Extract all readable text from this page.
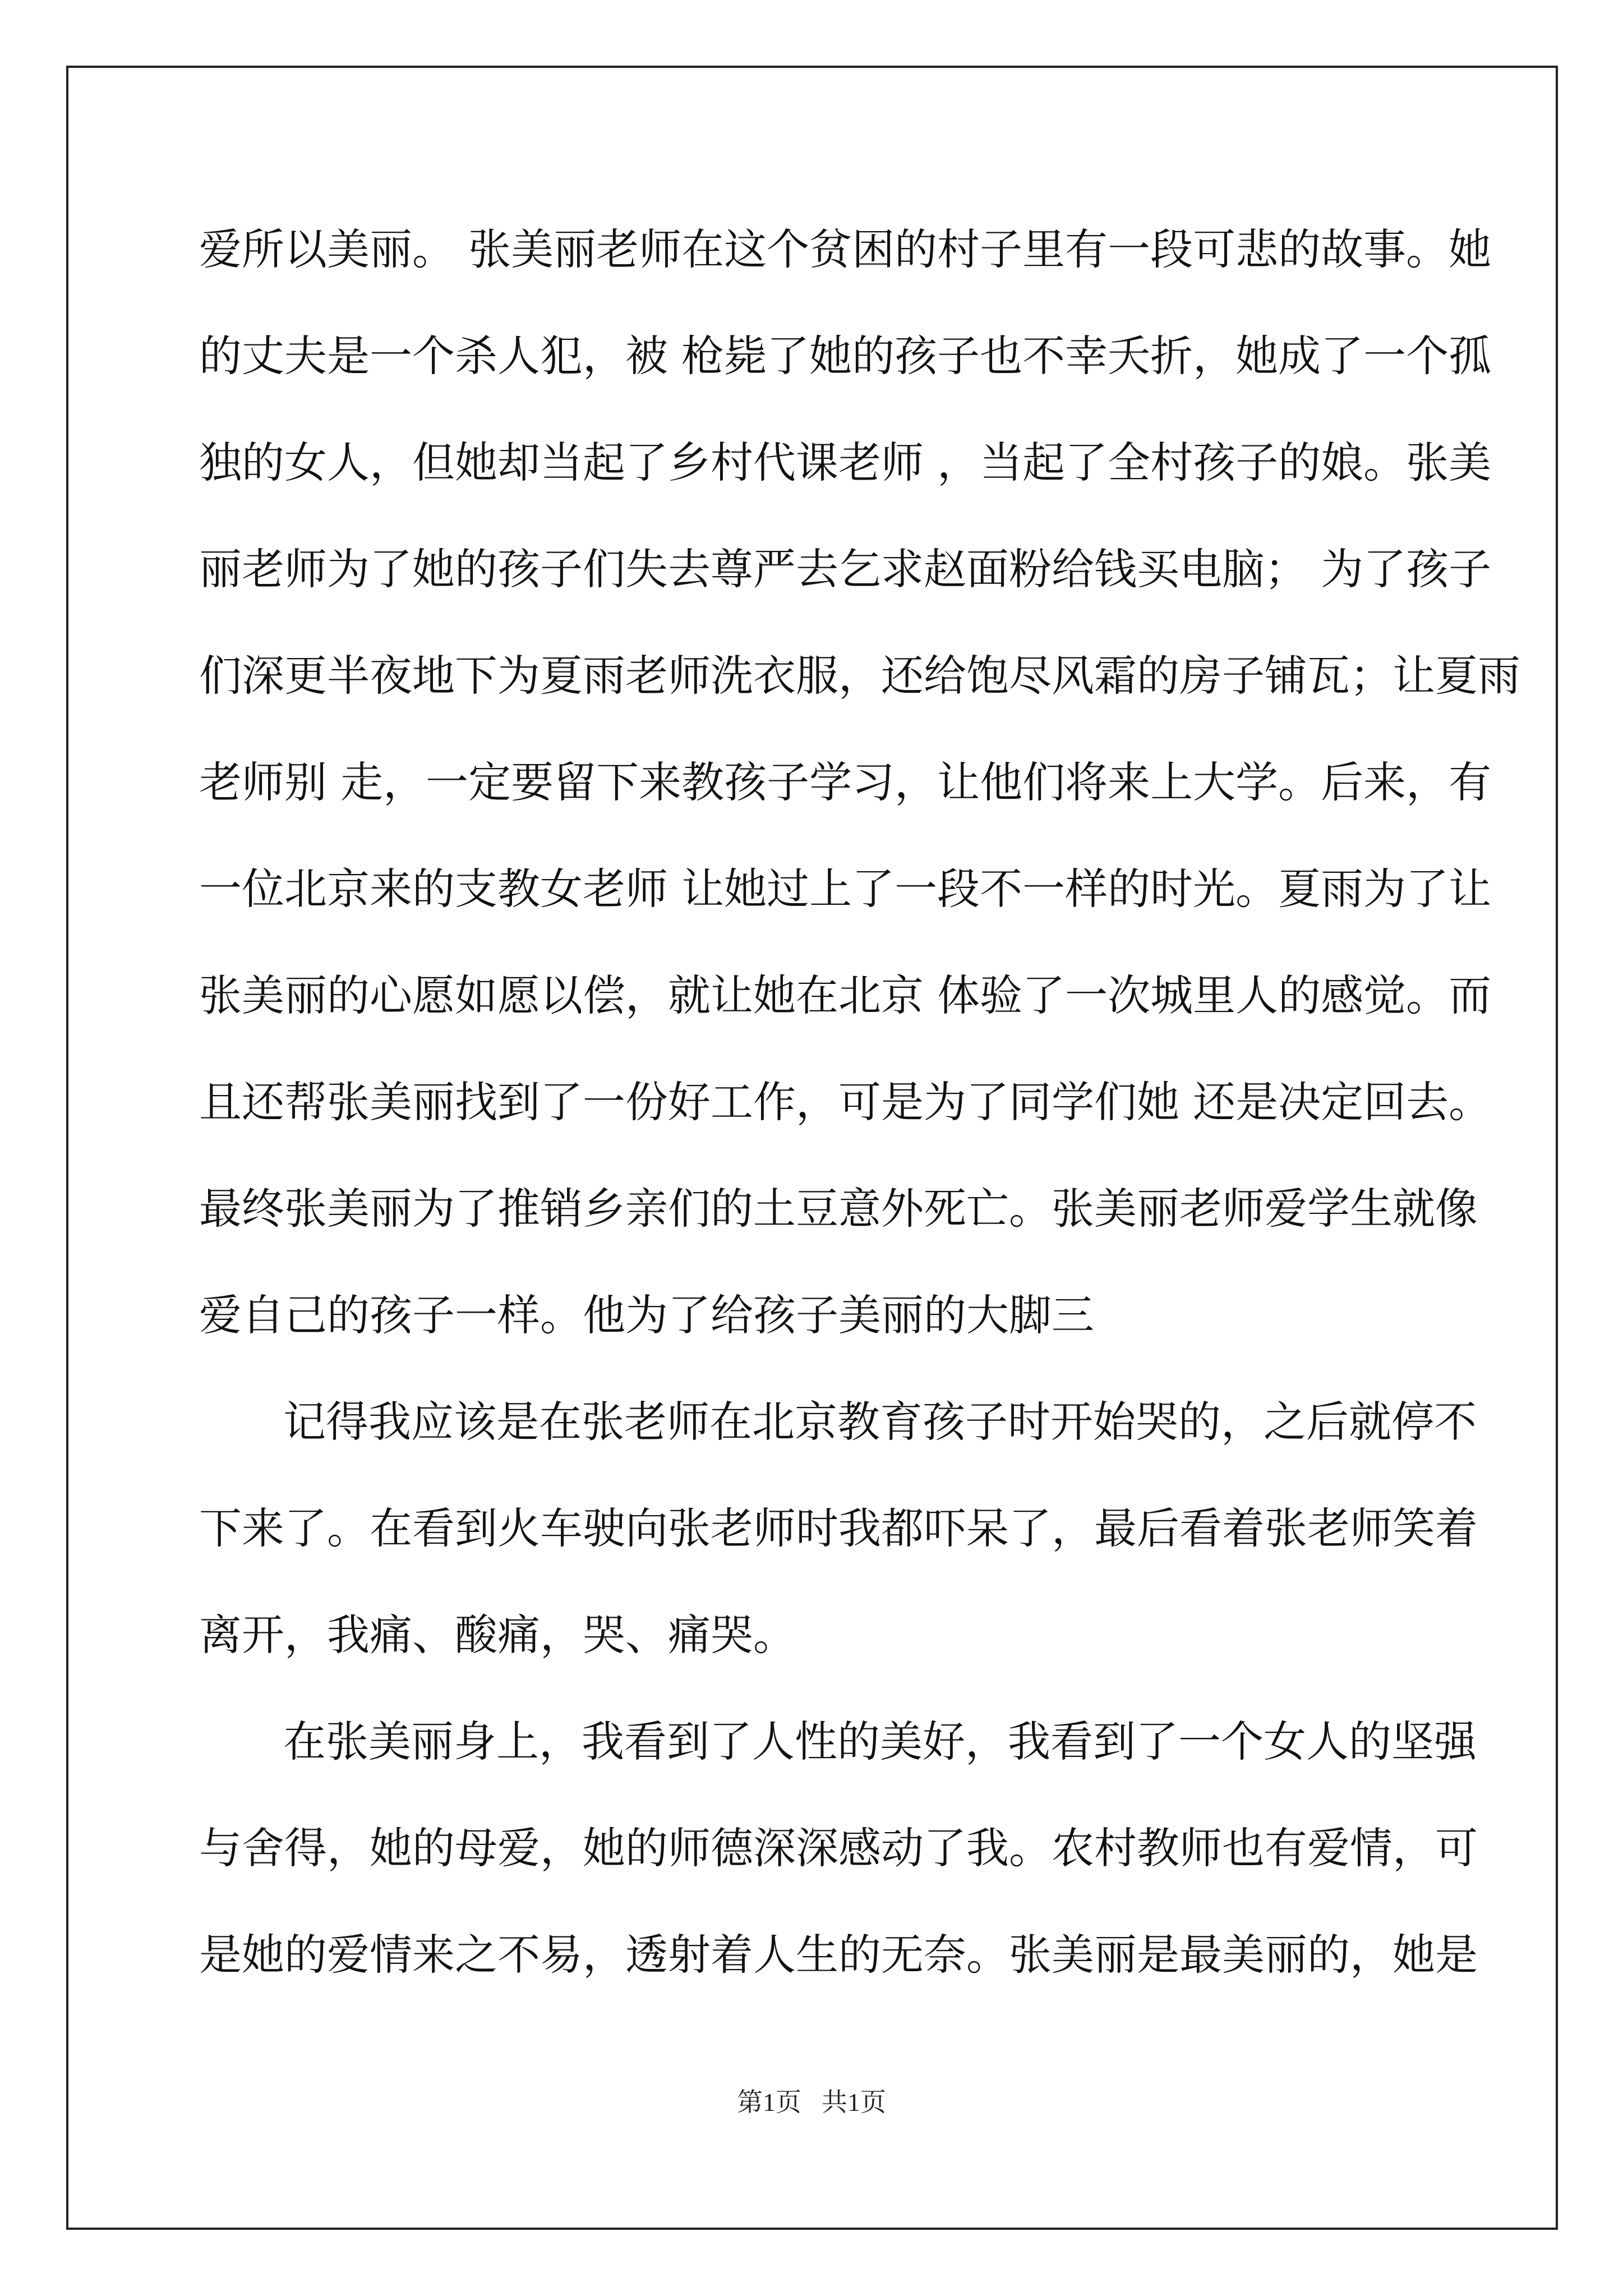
爱所以美丽。 张美丽老师在这个贫困的村子里有一段可悲的故事。她
的丈夫是一个杀人犯，被 枪毙了她的孩子也不幸夭折，她成了一个孤
独的女人，但她却当起了乡村代课老师 ，当起了全村孩子的娘。张美
丽老师为了她的孩子们失去尊严去乞求赵面粉给钱买电脑； 为了孩子
们深更半夜地下为夏雨老师洗衣服，还给饱尽风霜的房子铺瓦；让夏雨
老师别 走，一定要留下来教孩子学习，让他们将来上大学。后来，有
一位北京来的支教女老师 让她过上了一段不一样的时光。夏雨为了让
张美丽的心愿如愿以偿，就让她在北京 体验了一次城里人的感觉。而
且还帮张美丽找到了一份好工作，可是为了同学们她 还是决定回去。
最终张美丽为了推销乡亲们的土豆意外死亡。张美丽老师爱学生就像
爱自己的孩子一样。他为了给孩子美丽的大脚三
记得我应该是在张老师在北京教育孩子时开始哭的，之后就停不
下来了。在看到火车驶向张老师时我都吓呆了，最后看着张老师笑着
离开，我痛、酸痛，哭、痛哭。
在张美丽身上，我看到了人性的美好，我看到了一个女人的坚强
与舍得，她的母爱，她的师德深深感动了我。农村教师也有爱情，可
是她的爱情来之不易，透射着人生的无奈。张美丽是最美丽的，她是
第1页 共1页
